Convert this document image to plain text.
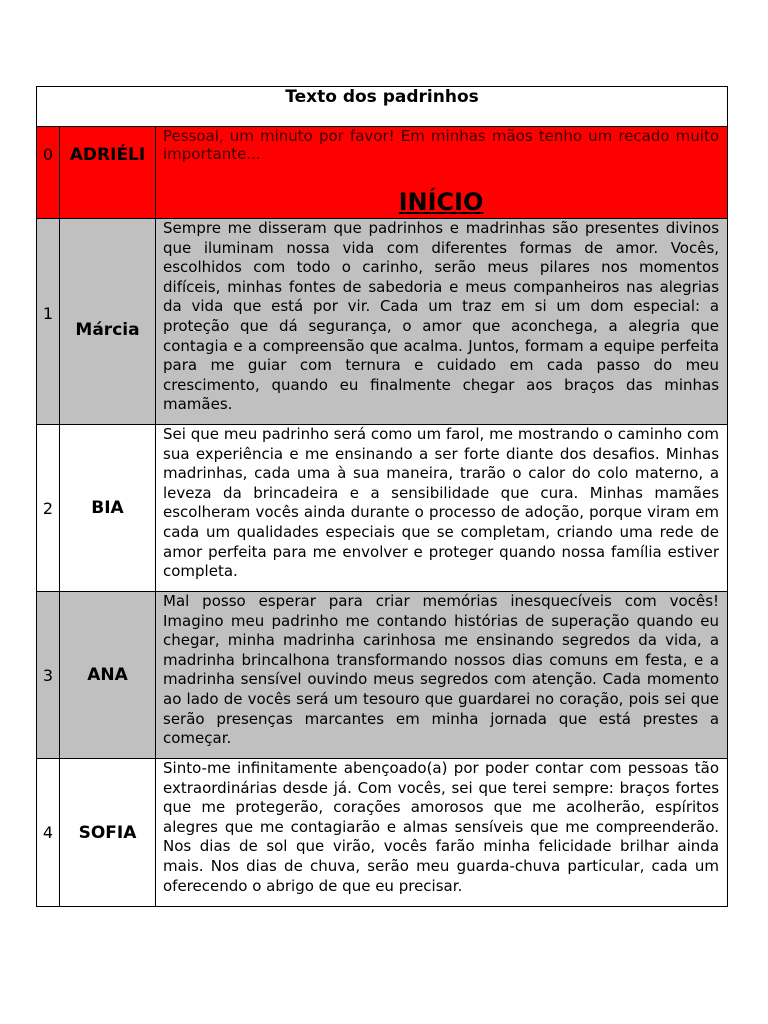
Texto dos padrinhos		
0	ADRIÉLI	Pessoal, um minuto por favor! Em minhas mãos tenho um recado muito importante...

INÍCIO

1	Márcia	Sempre me disseram que padrinhos e madrinhas são presentes divinos que iluminam nossa vida com diferentes formas de amor. Vocês, escolhidos com todo o carinho, serão meus pilares nos momentos difíceis, minhas fontes de sabedoria e meus companheiros nas alegrias da vida que está por vir. Cada um traz em si um dom especial: a proteção que dá segurança, o amor que aconchega, a alegria que contagia e a compreensão que acalma. Juntos, formam a equipe perfeita para me guiar com ternura e cuidado em cada passo do meu crescimento, quando eu finalmente chegar aos braços das minhas mamães.

2	BIA	Sei que meu padrinho será como um farol, me mostrando o caminho com sua experiência e me ensinando a ser forte diante dos desafios. Minhas madrinhas, cada uma à sua maneira, trarão o calor do colo materno, a leveza da brincadeira e a sensibilidade que cura. Minhas mamães escolheram vocês ainda durante o processo de adoção, porque viram em cada um qualidades especiais que se completam, criando uma rede de amor perfeita para me envolver e proteger quando nossa família estiver completa.

3	ANA	Mal posso esperar para criar memórias inesquecíveis com vocês! Imagino meu padrinho me contando histórias de superação quando eu chegar, minha madrinha carinhosa me ensinando segredos da vida, a madrinha brincalhona transformando nossos dias comuns em festa, e a madrinha sensível ouvindo meus segredos com atenção. Cada momento ao lado de vocês será um tesouro que guardarei no coração, pois sei que serão presenças marcantes em minha jornada que está prestes a começar.

4	SOFIA	Sinto-me infinitamente abençoado(a) por poder contar com pessoas tão extraordinárias desde já. Com vocês, sei que terei sempre: braços fortes que me protegerão, corações amorosos que me acolherão, espíritos alegres que me contagiarão e almas sensíveis que me compreenderão. Nos dias de sol que virão, vocês farão minha felicidade brilhar ainda mais. Nos dias de chuva, serão meu guarda-chuva particular, cada um oferecendo o abrigo de que eu precisar.
